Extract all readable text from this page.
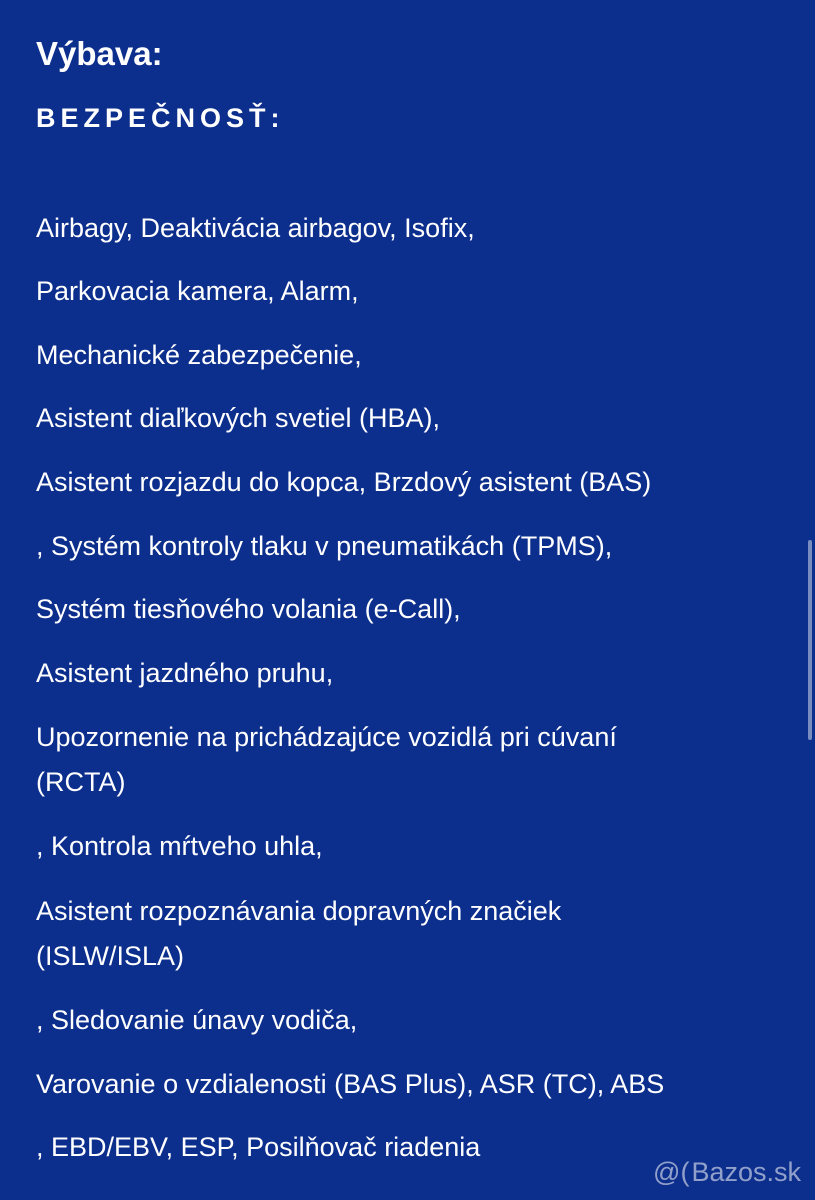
Výbava:
BEZPEČNOSŤ:
Airbagy, Deaktivácia airbagov, Isofix,
Parkovacia kamera, Alarm,
Mechanické zabezpečenie,
Asistent diaľkových svetiel (HBA),
Asistent rozjazdu do kopca, Brzdový asistent (BAS)
, Systém kontroly tlaku v pneumatikách (TPMS),
Systém tiesňového volania (e-Call),
Asistent jazdného pruhu,
Upozornenie na prichádzajúce vozidlá pri cúvaní
(RCTA)
, Kontrola mŕtveho uhla,
Asistent rozpoznávania dopravných značiek
(ISLW/ISLA)
, Sledovanie únavy vodiča,
Varovanie o vzdialenosti (BAS Plus), ASR (TC), ABS
, EBD/EBV, ESP, Posilňovač riadenia
@( Bazos.sk
